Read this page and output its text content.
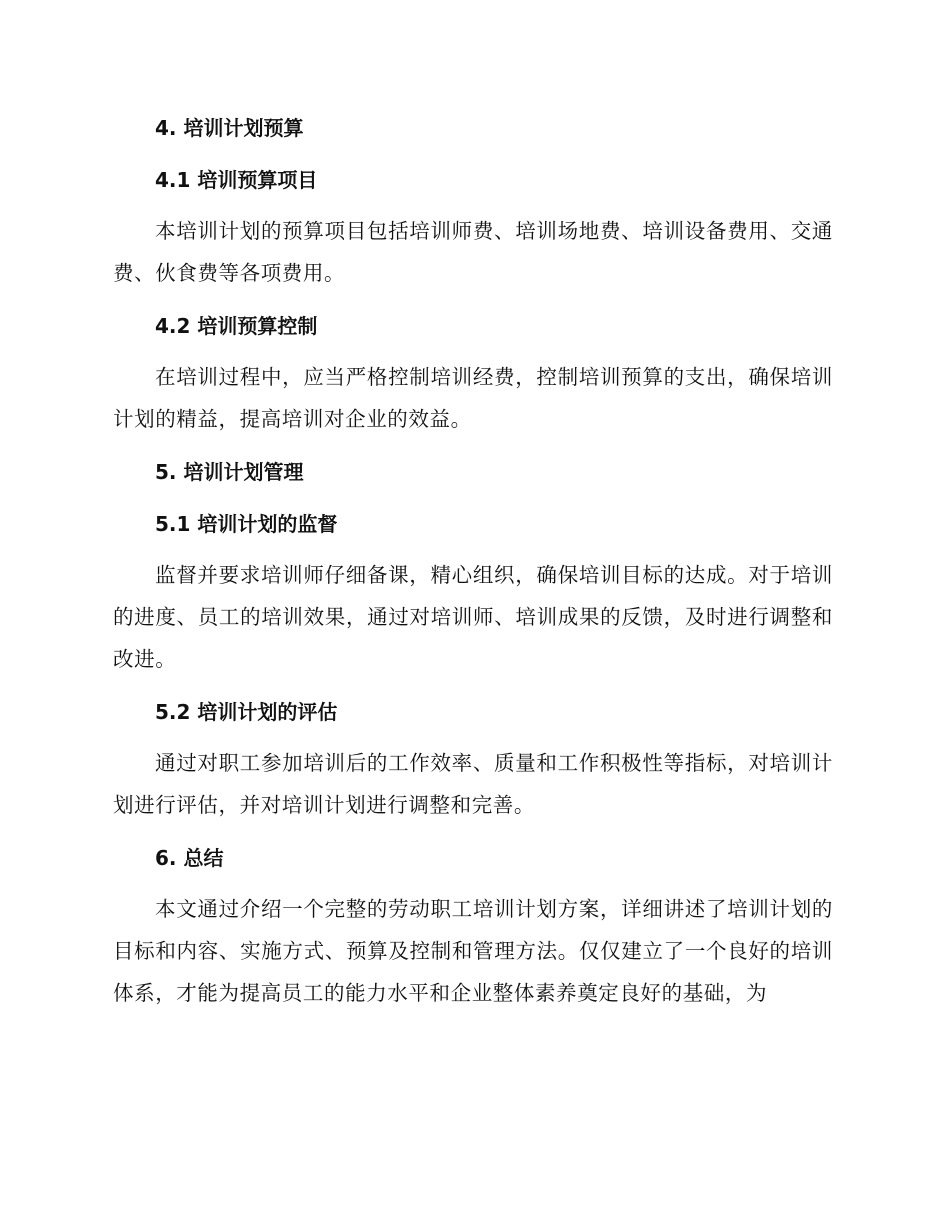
4. 培训计划预算
4.1 培训预算项目

本培训计划的预算项目包括培训师费、培训场地费、培训设备费用、交通费、伙食费等各项费用。

4.2 培训预算控制

在培训过程中，应当严格控制培训经费，控制培训预算的支出，确保培训计划的精益，提高培训对企业的效益。

5. 培训计划管理
5.1 培训计划的监督

监督并要求培训师仔细备课，精心组织，确保培训目标的达成。对于培训的进度、员工的培训效果，通过对培训师、培训成果的反馈，及时进行调整和改进。

5.2 培训计划的评估

通过对职工参加培训后的工作效率、质量和工作积极性等指标，对培训计划进行评估，并对培训计划进行调整和完善。

6. 总结

本文通过介绍一个完整的劳动职工培训计划方案，详细讲述了培训计划的目标和内容、实施方式、预算及控制和管理方法。仅仅建立了一个良好的培训体系，才能为提高员工的能力水平和企业整体素养奠定良好的基础，为
